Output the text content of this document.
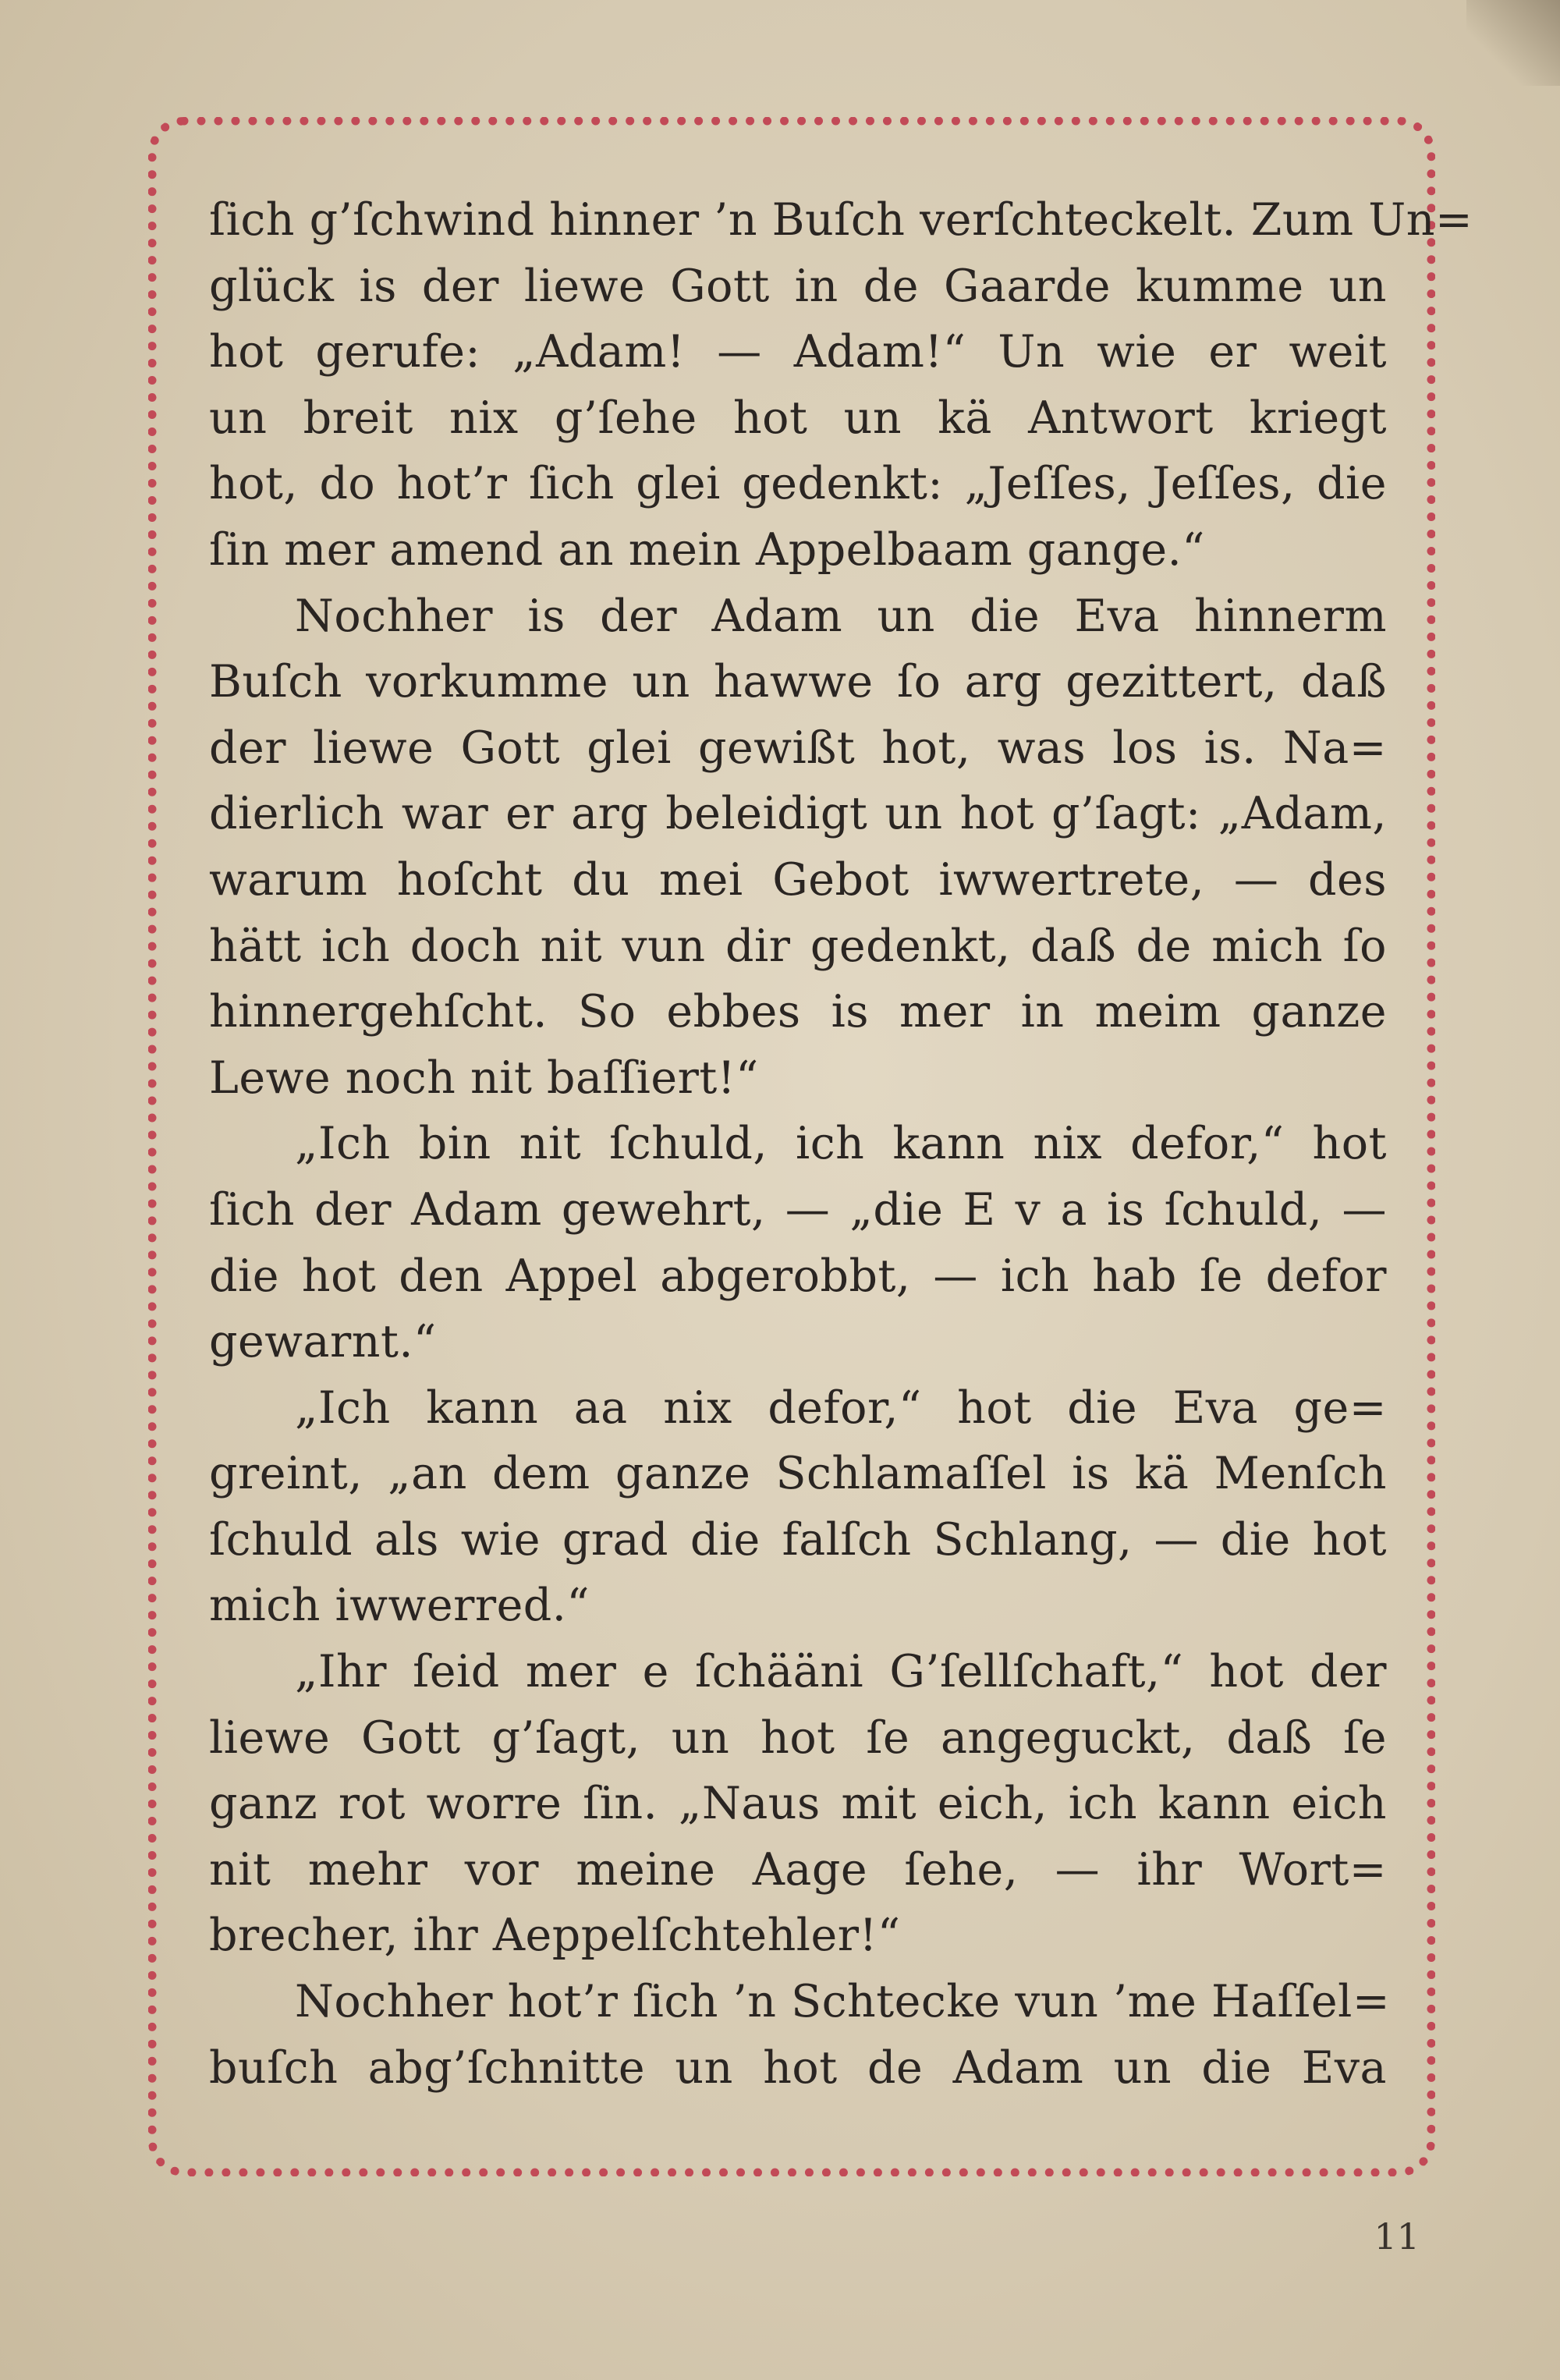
ſich g’ſchwind hinner ’n Buſch verſchteckelt. Zum Un=
glück is der liewe Gott in de Gaarde kumme un
hot gerufe: „Adam! — Adam!“ Un wie er weit
un breit nix g’ſehe hot un kä Antwort kriegt
hot, do hot’r ſich glei gedenkt: „Jeſſes, Jeſſes, die
ſin mer amend an mein Appelbaam gange.“
Nochher is der Adam un die Eva hinnerm
Buſch vorkumme un hawwe ſo arg gezittert, daß
der liewe Gott glei gewißt hot, was los is. Na=
dierlich war er arg beleidigt un hot g’ſagt: „Adam,
warum hoſcht du mei Gebot iwwertrete, — des
hätt ich doch nit vun dir gedenkt, daß de mich ſo
hinnergehſcht. So ebbes is mer in meim ganze
Lewe noch nit baſſiert!“
„Ich bin nit ſchuld, ich kann nix defor,“ hot
ſich der Adam gewehrt, — „die E v a is ſchuld, —
die hot den Appel abgerobbt, — ich hab ſe defor
gewarnt.“
„Ich kann aa nix defor,“ hot die Eva ge=
greint, „an dem ganze Schlamaſſel is kä Menſch
ſchuld als wie grad die falſch Schlang, — die hot
mich iwwerred.“
„Ihr ſeid mer e ſchääni G’ſellſchaft,“ hot der
liewe Gott g’ſagt, un hot ſe angeguckt, daß ſe
ganz rot worre ſin. „Naus mit eich, ich kann eich
nit mehr vor meine Aage ſehe, — ihr Wort=
brecher, ihr Aeppelſchtehler!“
Nochher hot’r ſich ’n Schtecke vun ’me Haſſel=
buſch abg’ſchnitte un hot de Adam un die Eva
11
